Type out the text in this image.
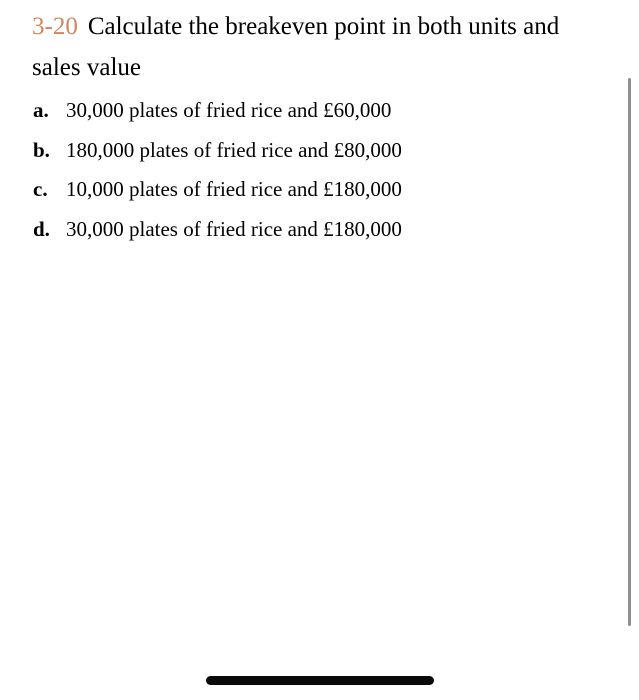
3-20 Calculate the breakeven point in both units and sales value
a. 30,000 plates of fried rice and £60,000
b. 180,000 plates of fried rice and £80,000
c. 10,000 plates of fried rice and £180,000
d. 30,000 plates of fried rice and £180,000
